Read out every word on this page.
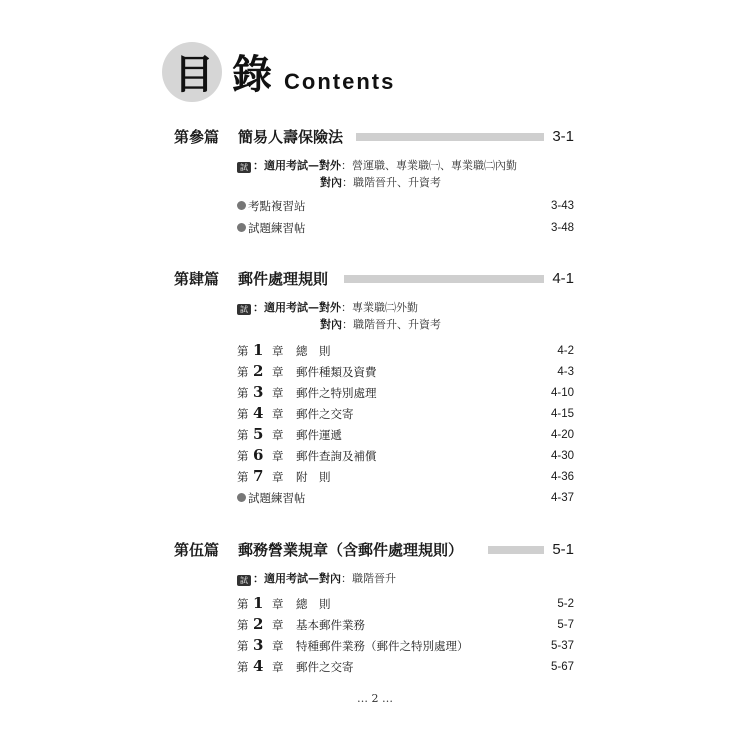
目 錄 Contents
第參篇 簡易人壽保險法	3-1
試 ：適用考試—對外：營運職、專業職㈠、專業職㈡內勤
對內：職階晉升、升資考
考點複習站	3-43
試題練習帖	3-48
第肆篇 郵件處理規則	4-1
試 ：適用考試—對外：專業職㈡外勤
對內：職階晉升、升資考
第 1 章 總　則	4-2
第 2 章 郵件種類及資費	4-3
第 3 章 郵件之特別處理	4-10
第 4 章 郵件之交寄	4-15
第 5 章 郵件運遞	4-20
第 6 章 郵件查詢及補償	4-30
第 7 章 附　則	4-36
試題練習帖	4-37
第伍篇 郵務營業規章（含郵件處理規則）	5-1
試 ：適用考試—對內：職階晉升
第 1 章 總　則	5-2
第 2 章 基本郵件業務	5-7
第 3 章 特種郵件業務（郵件之特別處理）	5-37
第 4 章 郵件之交寄	5-67
… 2 …
